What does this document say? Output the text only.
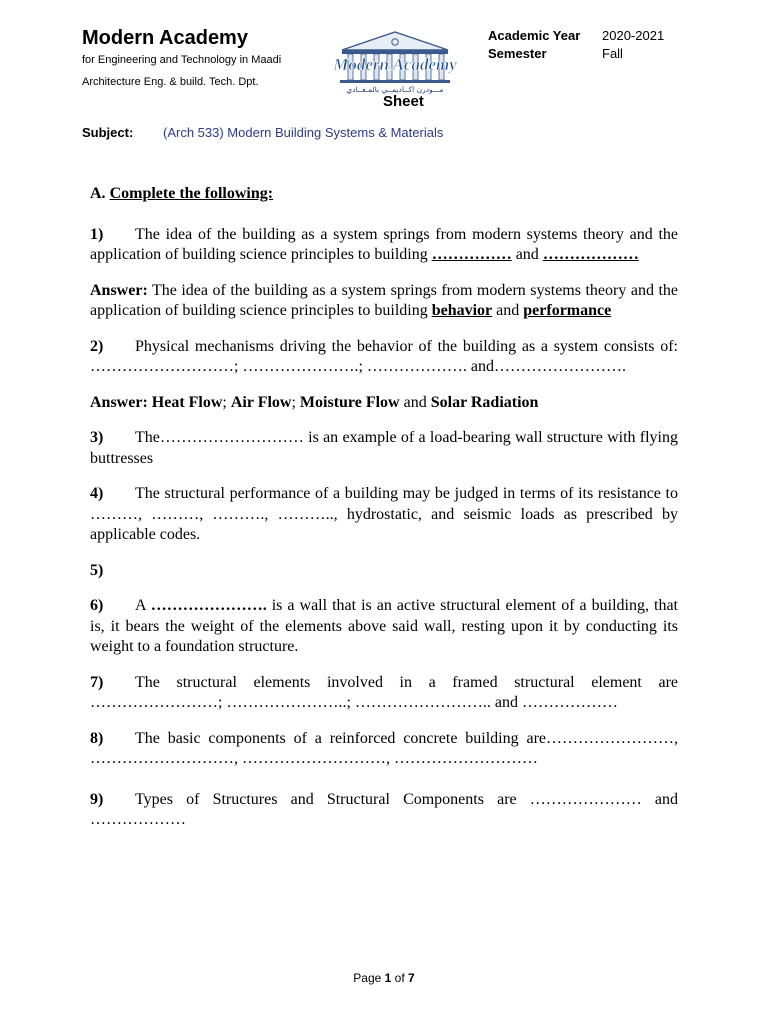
Modern Academy
for Engineering and Technology in Maadi
Architecture Eng. & build. Tech. Dpt.
Modern Academy
مـــودرن اكــاديمــي بالمـعــادي
Sheet
Academic Year 2020-2021
Semester	Fall
Subject: (Arch 533) Modern Building Systems & Materials

A. Complete the following:

1) The idea of the building as a system springs from modern systems theory and the application of building science principles to building …………… and ………………

Answer: The idea of the building as a system springs from modern systems theory and the application of building science principles to building behavior and performance

2) Physical mechanisms driving the behavior of the building as a system consists of: ………………………; ………………….; ………………. and…………………….

Answer: Heat Flow; Air Flow; Moisture Flow and Solar Radiation

3) The……………………… is an example of a load-bearing wall structure with flying buttresses

4) The structural performance of a building may be judged in terms of its resistance to ………, ………, ………., ……….., hydrostatic, and seismic loads as prescribed by applicable codes.

5)

6) A …………………. is a wall that is an active structural element of a building, that is, it bears the weight of the elements above said wall, resting upon it by conducting its weight to a foundation structure.

7) The structural elements involved in a framed structural element are ……………………; …………………..; …………………….. and ………………

8) The basic components of a reinforced concrete building are……………………, ………………………, ………………………, ………………………

9) Types of Structures and Structural Components are ………………… and ………………

Page 1 of 7
